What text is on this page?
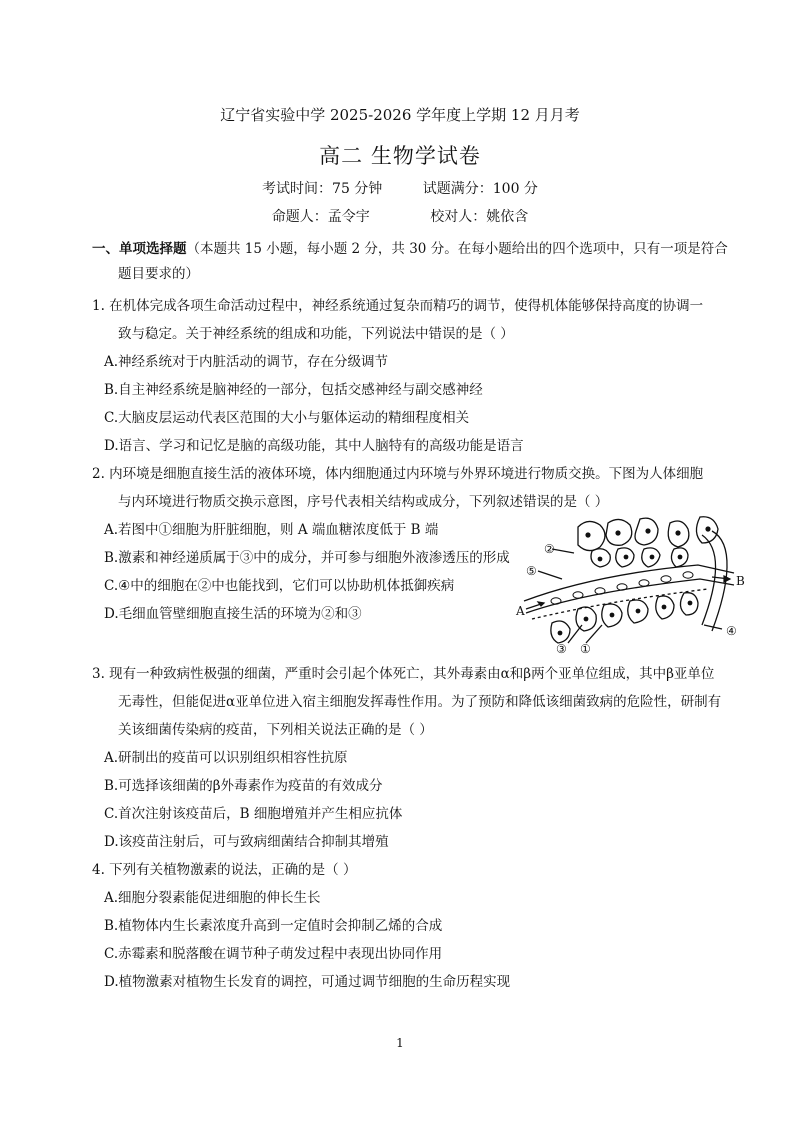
辽宁省实验中学 2025-2026 学年度上学期 12 月月考
高二 生物学试卷
考试时间：75 分钟	试题满分：100 分
命题人：孟令宇	校对人：姚依含
一、单项选择题（本题共 15 小题，每小题 2 分，共 30 分。在每小题给出的四个选项中，只有一项是符合
题目要求的）
1. 在机体完成各项生命活动过程中，神经系统通过复杂而精巧的调节，使得机体能够保持高度的协调一
致与稳定。关于神经系统的组成和功能，下列说法中错误的是（ ）
A.神经系统对于内脏活动的调节，存在分级调节
B.自主神经系统是脑神经的一部分，包括交感神经与副交感神经
C.大脑皮层运动代表区范围的大小与躯体运动的精细程度相关
D.语言、学习和记忆是脑的高级功能，其中人脑特有的高级功能是语言
2. 内环境是细胞直接生活的液体环境，体内细胞通过内环境与外界环境进行物质交换。下图为人体细胞
与内环境进行物质交换示意图，序号代表相关结构或成分，下列叙述错误的是（ ）
A.若图中①细胞为肝脏细胞，则 A 端血糖浓度低于 B 端
B.激素和神经递质属于③中的成分，并可参与细胞外液渗透压的形成
C.④中的细胞在②中也能找到，它们可以协助机体抵御疾病
D.毛细血管壁细胞直接生活的环境为②和③
②
⑤
A
B
③ ①
④
3. 现有一种致病性极强的细菌，严重时会引起个体死亡，其外毒素由α和β两个亚单位组成，其中β亚单位
无毒性，但能促进α亚单位进入宿主细胞发挥毒性作用。为了预防和降低该细菌致病的危险性，研制有
关该细菌传染病的疫苗，下列相关说法正确的是（ ）
A.研制出的疫苗可以识别组织相容性抗原
B.可选择该细菌的β外毒素作为疫苗的有效成分
C.首次注射该疫苗后，B 细胞增殖并产生相应抗体
D.该疫苗注射后，可与致病细菌结合抑制其增殖
4. 下列有关植物激素的说法，正确的是（ ）
A.细胞分裂素能促进细胞的伸长生长
B.植物体内生长素浓度升高到一定值时会抑制乙烯的合成
C.赤霉素和脱落酸在调节种子萌发过程中表现出协同作用
D.植物激素对植物生长发育的调控，可通过调节细胞的生命历程实现
1
